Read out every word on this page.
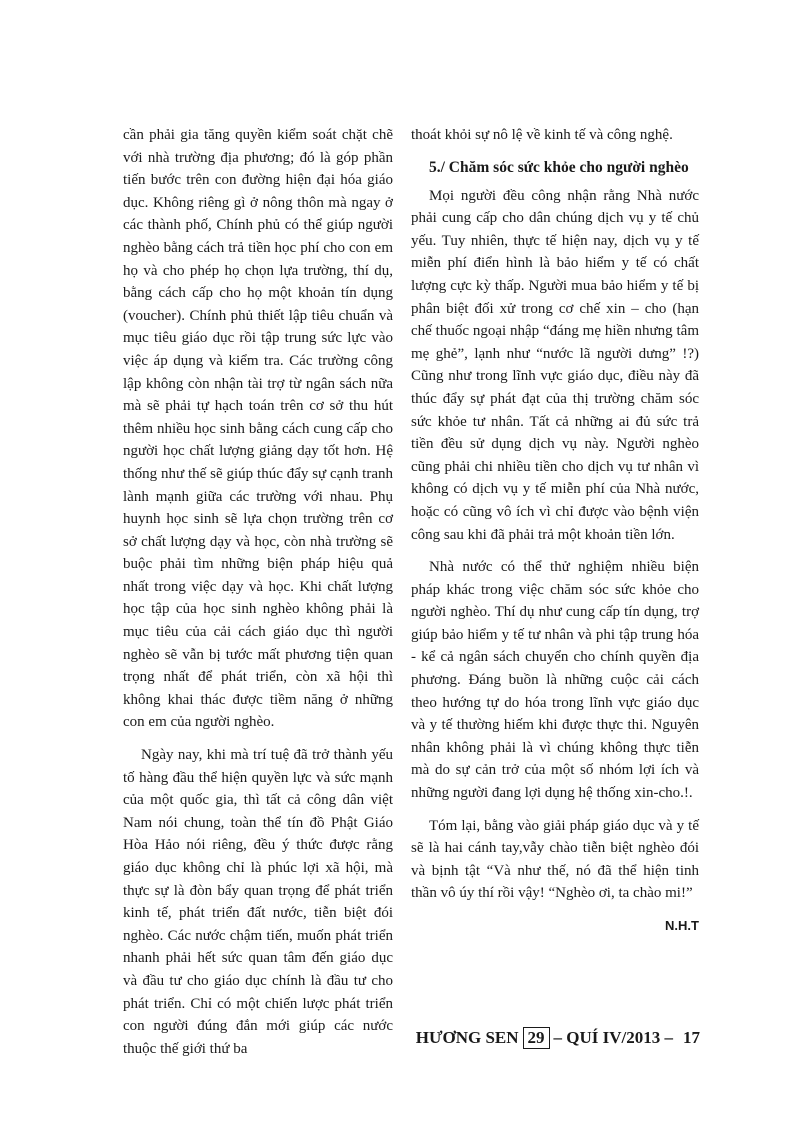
cần phải gia tăng quyền kiểm soát chặt chẽ với nhà trường địa phương; đó là góp phần tiến bước trên con đường hiện đại hóa giáo dục. Không riêng gì ở nông thôn mà ngay ở các thành phố, Chính phủ có thể giúp người nghèo bằng cách trả tiền học phí cho con em họ và cho phép họ chọn lựa trường, thí dụ, bằng cách cấp cho họ một khoản tín dụng (voucher). Chính phủ thiết lập tiêu chuẩn và mục tiêu giáo dục rồi tập trung sức lực vào việc áp dụng và kiểm tra. Các trường công lập không còn nhận tài trợ từ ngân sách nữa mà sẽ phải tự hạch toán trên cơ sở thu hút thêm nhiều học sinh bằng cách cung cấp cho người học chất lượng giảng dạy tốt hơn. Hệ thống như thế sẽ giúp thúc đẩy sự cạnh tranh lành mạnh giữa các trường với nhau. Phụ huynh học sinh sẽ lựa chọn trường trên cơ sở chất lượng dạy và học, còn nhà trường sẽ buộc phải tìm những biện pháp hiệu quả nhất trong việc dạy và học. Khi chất lượng học tập của học sinh nghèo không phải là mục tiêu của cải cách giáo dục thì người nghèo sẽ vẫn bị tước mất phương tiện quan trọng nhất để phát triển, còn xã hội thì không khai thác được tiềm năng ở những con em của người nghèo.

Ngày nay, khi mà trí tuệ đã trở thành yếu tố hàng đầu thể hiện quyền lực và sức mạnh của một quốc gia, thì tất cả công dân việt Nam nói chung, toàn thể tín đồ Phật Giáo Hòa Hảo nói riêng, đều ý thức được rằng giáo dục không chỉ là phúc lợi xã hội, mà thực sự là đòn bẩy quan trọng để phát triển kinh tế, phát triển đất nước, tiễn biệt đói nghèo. Các nước chậm tiến, muốn phát triển nhanh phải hết sức quan tâm đến giáo dục và đầu tư cho giáo dục chính là đầu tư cho phát triển. Chỉ có một chiến lược phát triển con người đúng đắn mới giúp các nước thuộc thế giới thứ ba

thoát khỏi sự nô lệ về kinh tế và công nghệ.

5./ Chăm sóc sức khỏe cho người nghèo

Mọi người đều công nhận rằng Nhà nước phải cung cấp cho dân chúng dịch vụ y tế chủ yếu. Tuy nhiên, thực tế hiện nay, dịch vụ y tế miễn phí điển hình là bảo hiểm y tế có chất lượng cực kỳ thấp. Người mua bảo hiểm y tế bị phân biệt đối xử trong cơ chế xin – cho (hạn chế thuốc ngoại nhập “đáng mẹ hiền nhưng tâm mẹ ghẻ”, lạnh như “nước lã người dưng” !?) Cũng như trong lĩnh vực giáo dục, điều này đã thúc đẩy sự phát đạt của thị trường chăm sóc sức khỏe tư nhân. Tất cả những ai đủ sức trả tiền đều sử dụng dịch vụ này. Người nghèo cũng phải chi nhiều tiền cho dịch vụ tư nhân vì không có dịch vụ y tế miễn phí của Nhà nước, hoặc có cũng vô ích vì chỉ được vào bệnh viện công sau khi đã phải trả một khoản tiền lớn.

Nhà nước có thể thử nghiệm nhiều biện pháp khác trong việc chăm sóc sức khỏe cho người nghèo. Thí dụ như cung cấp tín dụng, trợ giúp bảo hiểm y tế tư nhân và phi tập trung hóa - kể cả ngân sách chuyển cho chính quyền địa phương. Đáng buồn là những cuộc cải cách theo hướng tự do hóa trong lĩnh vực giáo dục và y tế thường hiếm khi được thực thi. Nguyên nhân không phải là vì chúng không thực tiễn mà do sự cản trở của một số nhóm lợi ích và những người đang lợi dụng hệ thống xin-cho.!.

Tóm lại, bằng vào giải pháp giáo dục và y tế sẽ là hai cánh tay,vẫy chào tiễn biệt nghèo đói và bịnh tật “Và như thế, nó đã thể hiện tinh thần vô úy thí rồi vậy! “Nghèo ơi, ta chào mi!”

N.H.T
HƯƠNG SEN 29 – QUÍ IV/2013 – 17
